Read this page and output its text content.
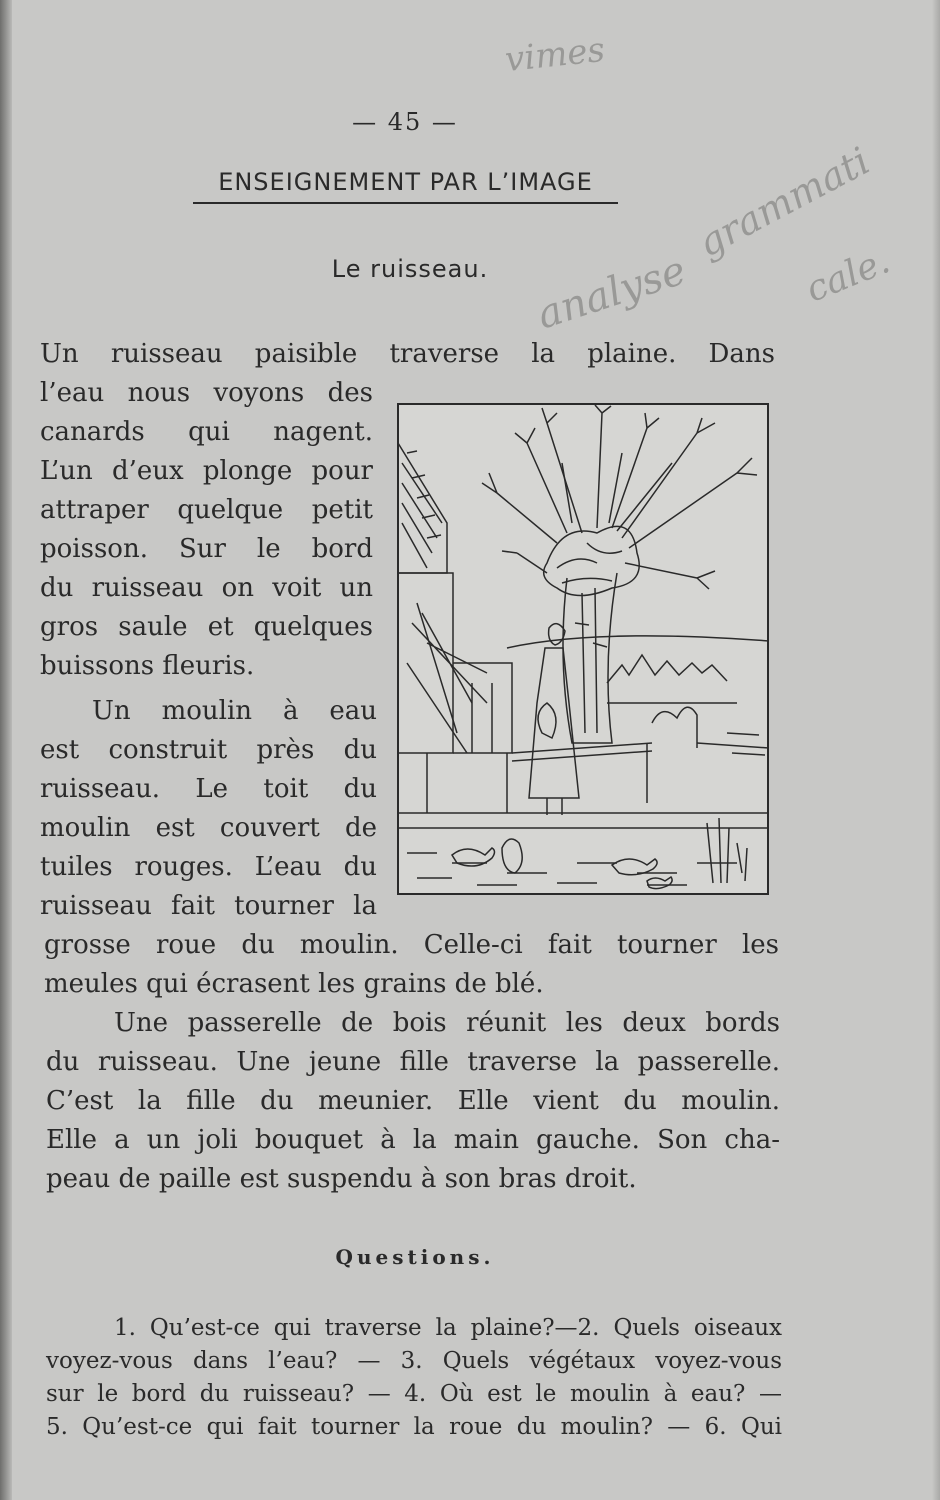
vimes
analyse
grammati
cale.
— 45 —
ENSEIGNEMENT PAR L’IMAGE
Le ruisseau.
Un ruisseau paisible traverse la plaine. Dans
l’eau nous voyons des
canards qui nagent.
L’un d’eux plonge pour
attraper quelque petit
poisson. Sur le bord
du ruisseau on voit un
gros saule et quelques
buissons fleuris.
Un moulin à eau
est construit près du
ruisseau. Le toit du
moulin est couvert de
tuiles rouges. L’eau du
ruisseau fait tourner la
grosse roue du moulin. Celle-ci fait tourner les
meules qui écrasent les grains de blé.
Une passerelle de bois réunit les deux bords
du ruisseau. Une jeune fille traverse la passerelle.
C’est la fille du meunier. Elle vient du moulin.
Elle a un joli bouquet à la main gauche. Son cha-
peau de paille est suspendu à son bras droit.
Questions.
1. Qu’est-ce qui traverse la plaine?—2. Quels oiseaux
voyez-vous dans l’eau? — 3. Quels végétaux voyez-vous
sur le bord du ruisseau? — 4. Où est le moulin à eau? —
5. Qu’est-ce qui fait tourner la roue du moulin? — 6. Qui
